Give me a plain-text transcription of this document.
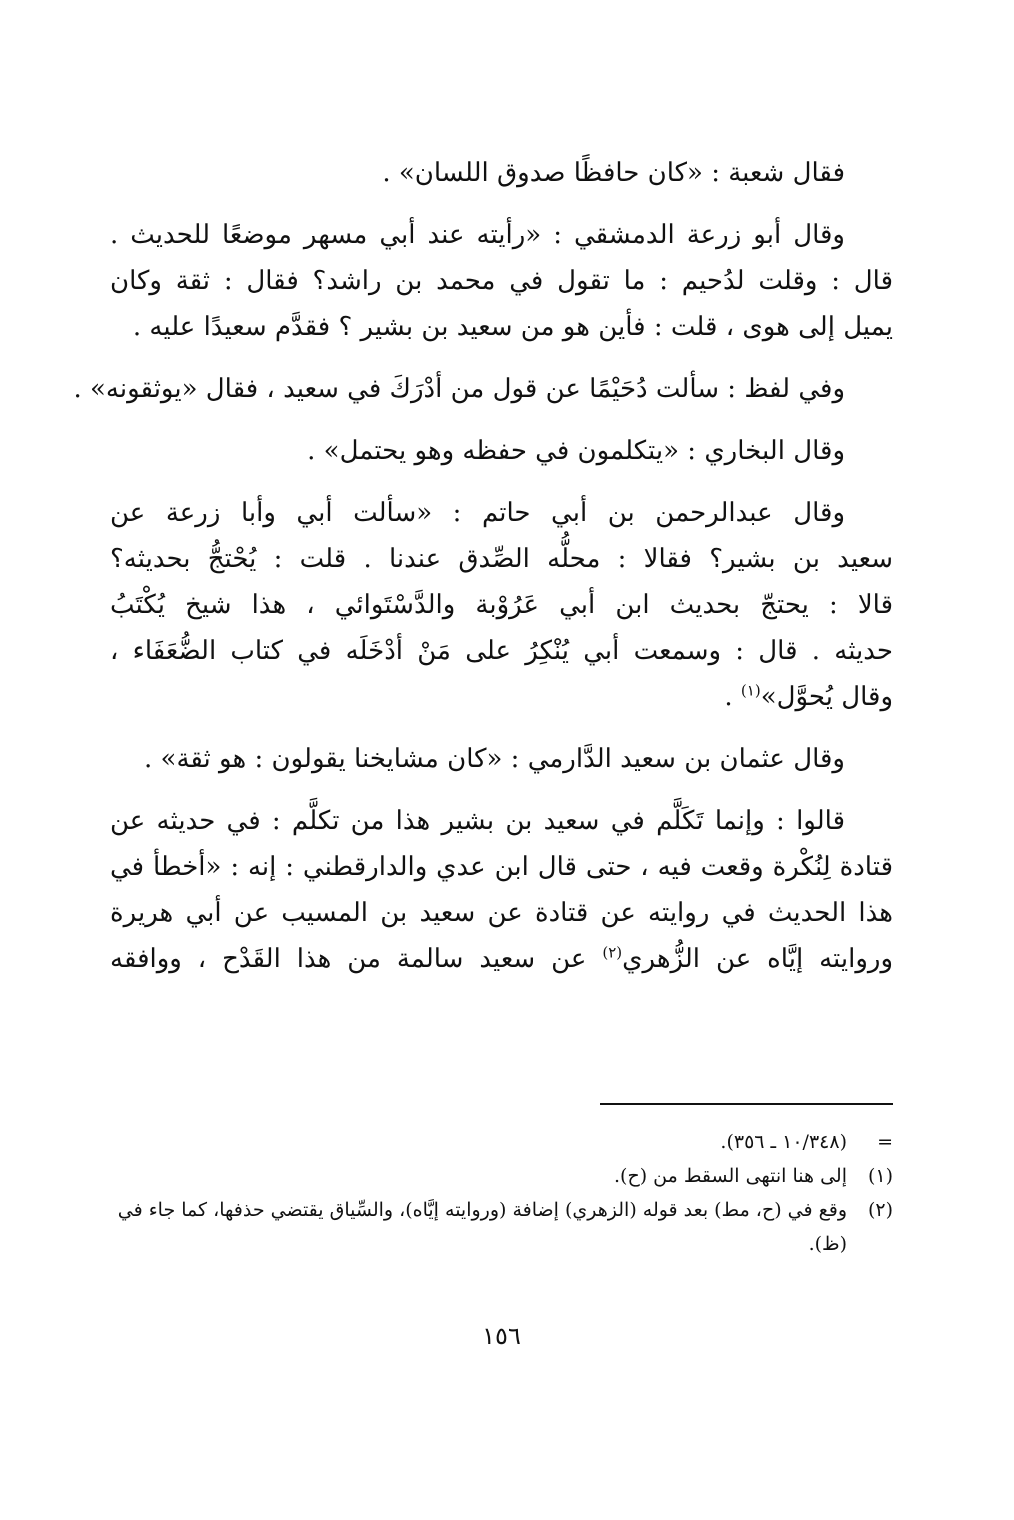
فقال شعبة : «كان حافظًا صدوق اللسان» .

وقال أبو زرعة الدمشقي : «رأيته عند أبي مسهر موضعًا للحديث .
قال : وقلت لدُحيم : ما تقول في محمد بن راشد؟ فقال : ثقة وكان
يميل إلى هوى ، قلت : فأين هو من سعيد بن بشير ؟ فقدَّم سعيدًا عليه .

وفي لفظ : سألت دُحَيْمًا عن قول من أدْرَكَ في سعيد ، فقال «يوثقونه» .

وقال البخاري : «يتكلمون في حفظه وهو يحتمل» .

وقال عبدالرحمن بن أبي حاتم : «سألت أبي وأبا زرعة عن
سعيد بن بشير؟ فقالا : محلُّه الصِّدق عندنا . قلت : يُحْتجُّ بحديثه؟
قالا : يحتجّ بحديث ابن أبي عَرُوْبة والدَّسْتَوائي ، هذا شيخ يُكْتَبُ
حديثه . قال : وسمعت أبي يُنْكِرُ على مَنْ أدْخَلَه في كتاب الضُّعَفَاء ،
وقال يُحوَّل»$^{(١)}$ .

وقال عثمان بن سعيد الدَّارمي : «كان مشايخنا يقولون : هو ثقة» .

قالوا : وإنما تَكَلَّم في سعيد بن بشير هذا من تكلَّم : في حديثه عن
قتادة لِنُكْرة وقعت فيه ، حتى قال ابن عدي والدارقطني : إنه : «أخطأ في
هذا الحديث في روايته عن قتادة عن سعيد بن المسيب عن أبي هريرة
وروايته إيَّاه عن الزُّهري$^{(٢)}$ عن سعيد سالمة من هذا القَدْح ، ووافقه

=
(١٠/٣٤٨ ـ ٣٥٦).
(١)
إلى هنا انتهى السقط من (ح).
(٢)
وقع في (ح، مط) بعد قوله (الزهري) إضافة (وروايته إيَّاه)، والسِّياق يقتضي حذفها، كما جاء في (ظ).
١٥٦
